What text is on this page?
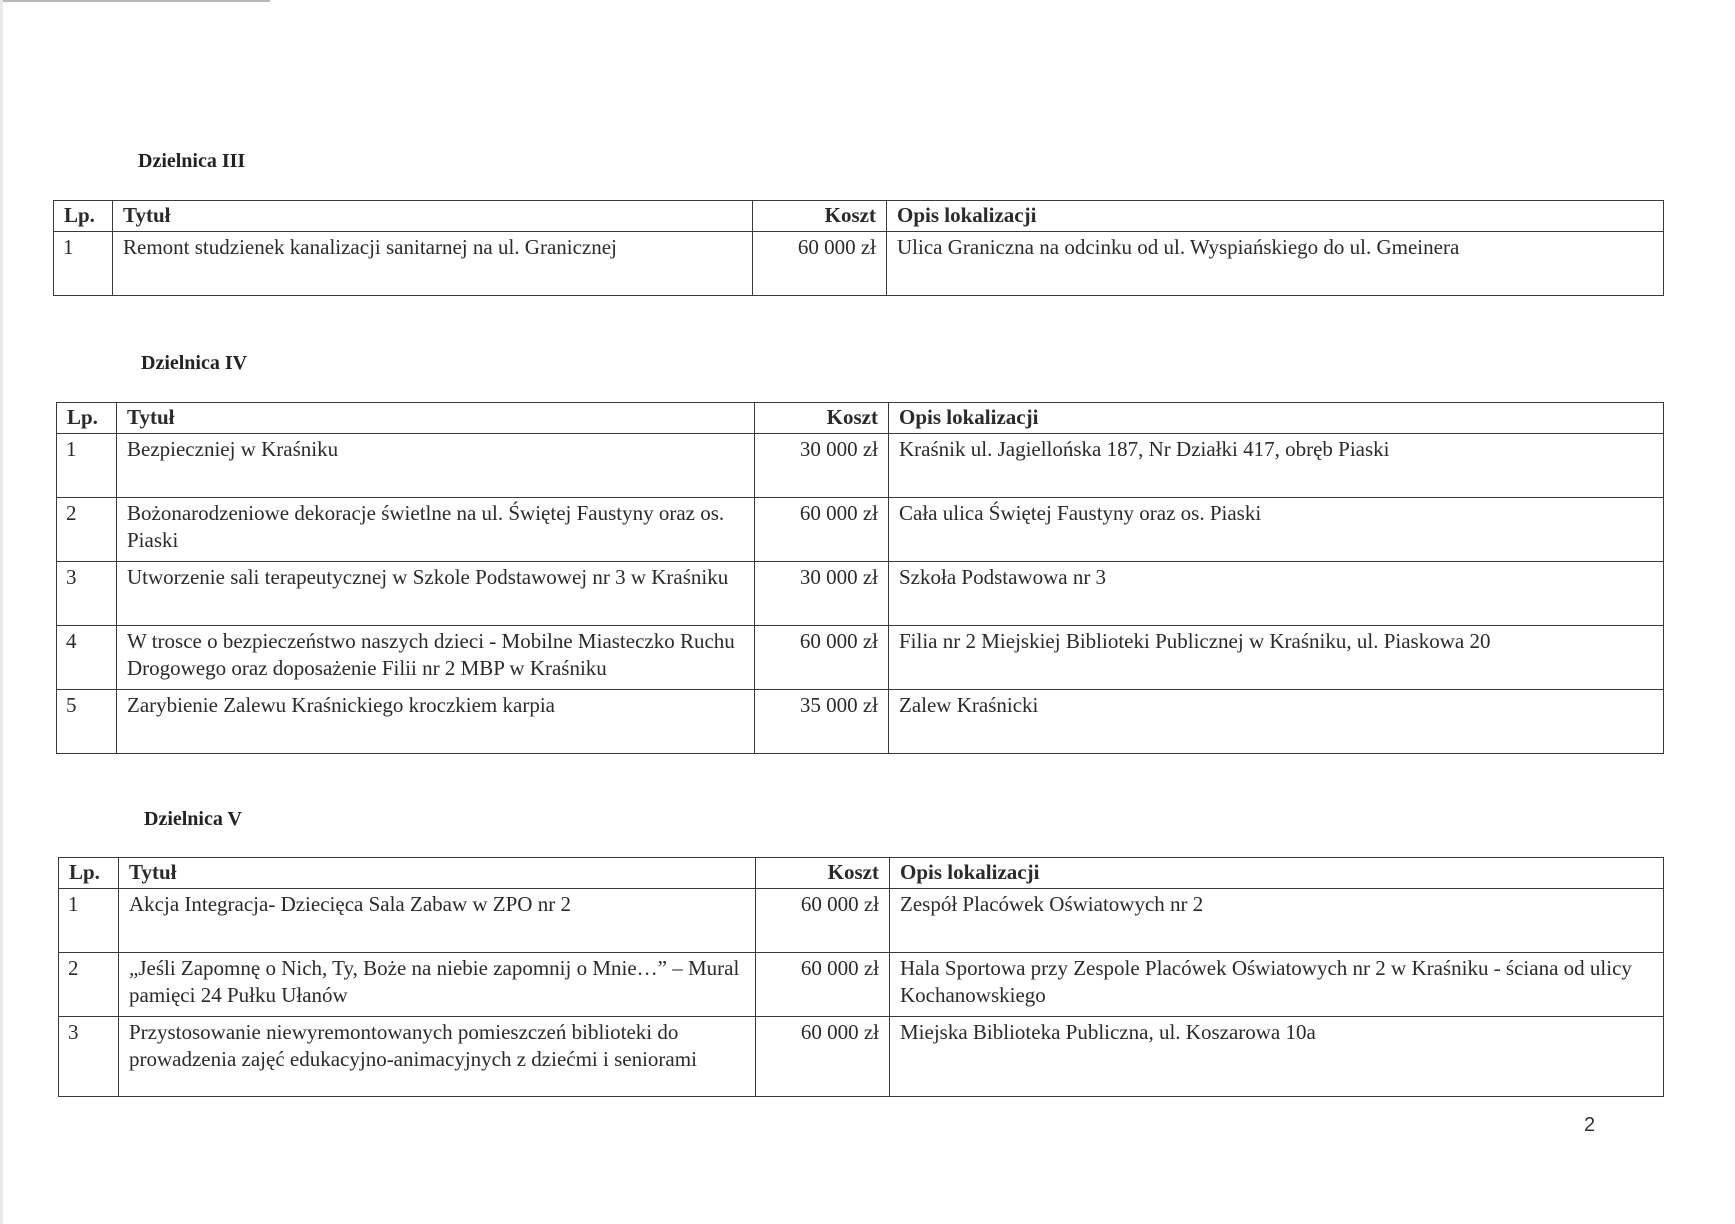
Dzielnica III
Lp.	Tytuł	Koszt	Opis lokalizacji
1	Remont studzienek kanalizacji sanitarnej na ul. Granicznej	60 000 zł	Ulica Graniczna na odcinku od ul. Wyspiańskiego do ul. Gmeinera
Dzielnica IV
Lp.	Tytuł	Koszt	Opis lokalizacji
1	Bezpieczniej w Kraśniku	30 000 zł	Kraśnik ul. Jagiellońska 187, Nr Działki 417, obręb Piaski
2	Bożonarodzeniowe dekoracje świetlne na ul. Świętej Faustyny oraz os. Piaski	60 000 zł	Cała ulica Świętej Faustyny oraz os. Piaski
3	Utworzenie sali terapeutycznej w Szkole Podstawowej nr 3 w Kraśniku	30 000 zł	Szkoła Podstawowa nr 3
4	W trosce o bezpieczeństwo naszych dzieci - Mobilne Miasteczko Ruchu Drogowego oraz doposażenie Filii nr 2 MBP w Kraśniku	60 000 zł	Filia nr 2 Miejskiej Biblioteki Publicznej w Kraśniku, ul. Piaskowa 20
5	Zarybienie Zalewu Kraśnickiego kroczkiem karpia	35 000 zł	Zalew Kraśnicki
Dzielnica V
Lp.	Tytuł	Koszt	Opis lokalizacji
1	Akcja Integracja- Dziecięca Sala Zabaw w ZPO nr 2	60 000 zł	Zespół Placówek Oświatowych nr 2
2	„Jeśli Zapomnę o Nich, Ty, Boże na niebie zapomnij o Mnie…” – Mural pamięci 24 Pułku Ułanów	60 000 zł	Hala Sportowa przy Zespole Placówek Oświatowych nr 2 w Kraśniku - ściana od ulicy Kochanowskiego
3	Przystosowanie niewyremontowanych pomieszczeń biblioteki do prowadzenia zajęć edukacyjno-animacyjnych z dziećmi i seniorami	60 000 zł	Miejska Biblioteka Publiczna, ul. Koszarowa 10a
2
